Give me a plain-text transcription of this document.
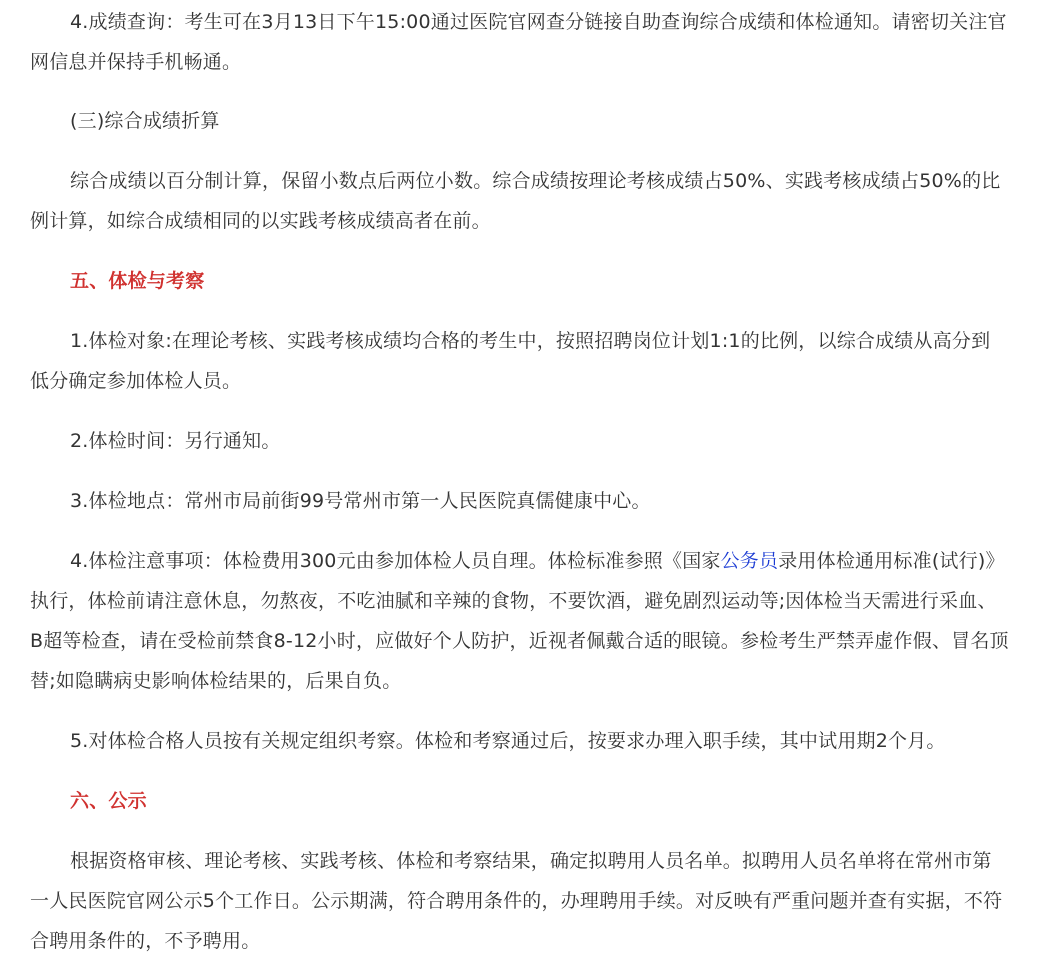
4.成绩查询：考生可在3月13日下午15:00通过医院官网查分链接自助查询综合成绩和体检通知。请密切关注官网信息并保持手机畅通。

(三)综合成绩折算

综合成绩以百分制计算，保留小数点后两位小数。综合成绩按理论考核成绩占50%、实践考核成绩占50%的比例计算，如综合成绩相同的以实践考核成绩高者在前。

五、体检与考察

1.体检对象:在理论考核、实践考核成绩均合格的考生中，按照招聘岗位计划1:1的比例，以综合成绩从高分到低分确定参加体检人员。

2.体检时间：另行通知。

3.体检地点：常州市局前街99号常州市第一人民医院真儒健康中心。

4.体检注意事项：体检费用300元由参加体检人员自理。体检标准参照《国家公务员录用体检通用标准(试行)》执行，体检前请注意休息，勿熬夜，不吃油腻和辛辣的食物，不要饮酒，避免剧烈运动等;因体检当天需进行采血、B超等检查，请在受检前禁食8-12小时，应做好个人防护，近视者佩戴合适的眼镜。参检考生严禁弄虚作假、冒名顶替;如隐瞒病史影响体检结果的，后果自负。

5.对体检合格人员按有关规定组织考察。体检和考察通过后，按要求办理入职手续，其中试用期2个月。

六、公示

根据资格审核、理论考核、实践考核、体检和考察结果，确定拟聘用人员名单。拟聘用人员名单将在常州市第一人民医院官网公示5个工作日。公示期满，符合聘用条件的，办理聘用手续。对反映有严重问题并查有实据，不符合聘用条件的，不予聘用。
